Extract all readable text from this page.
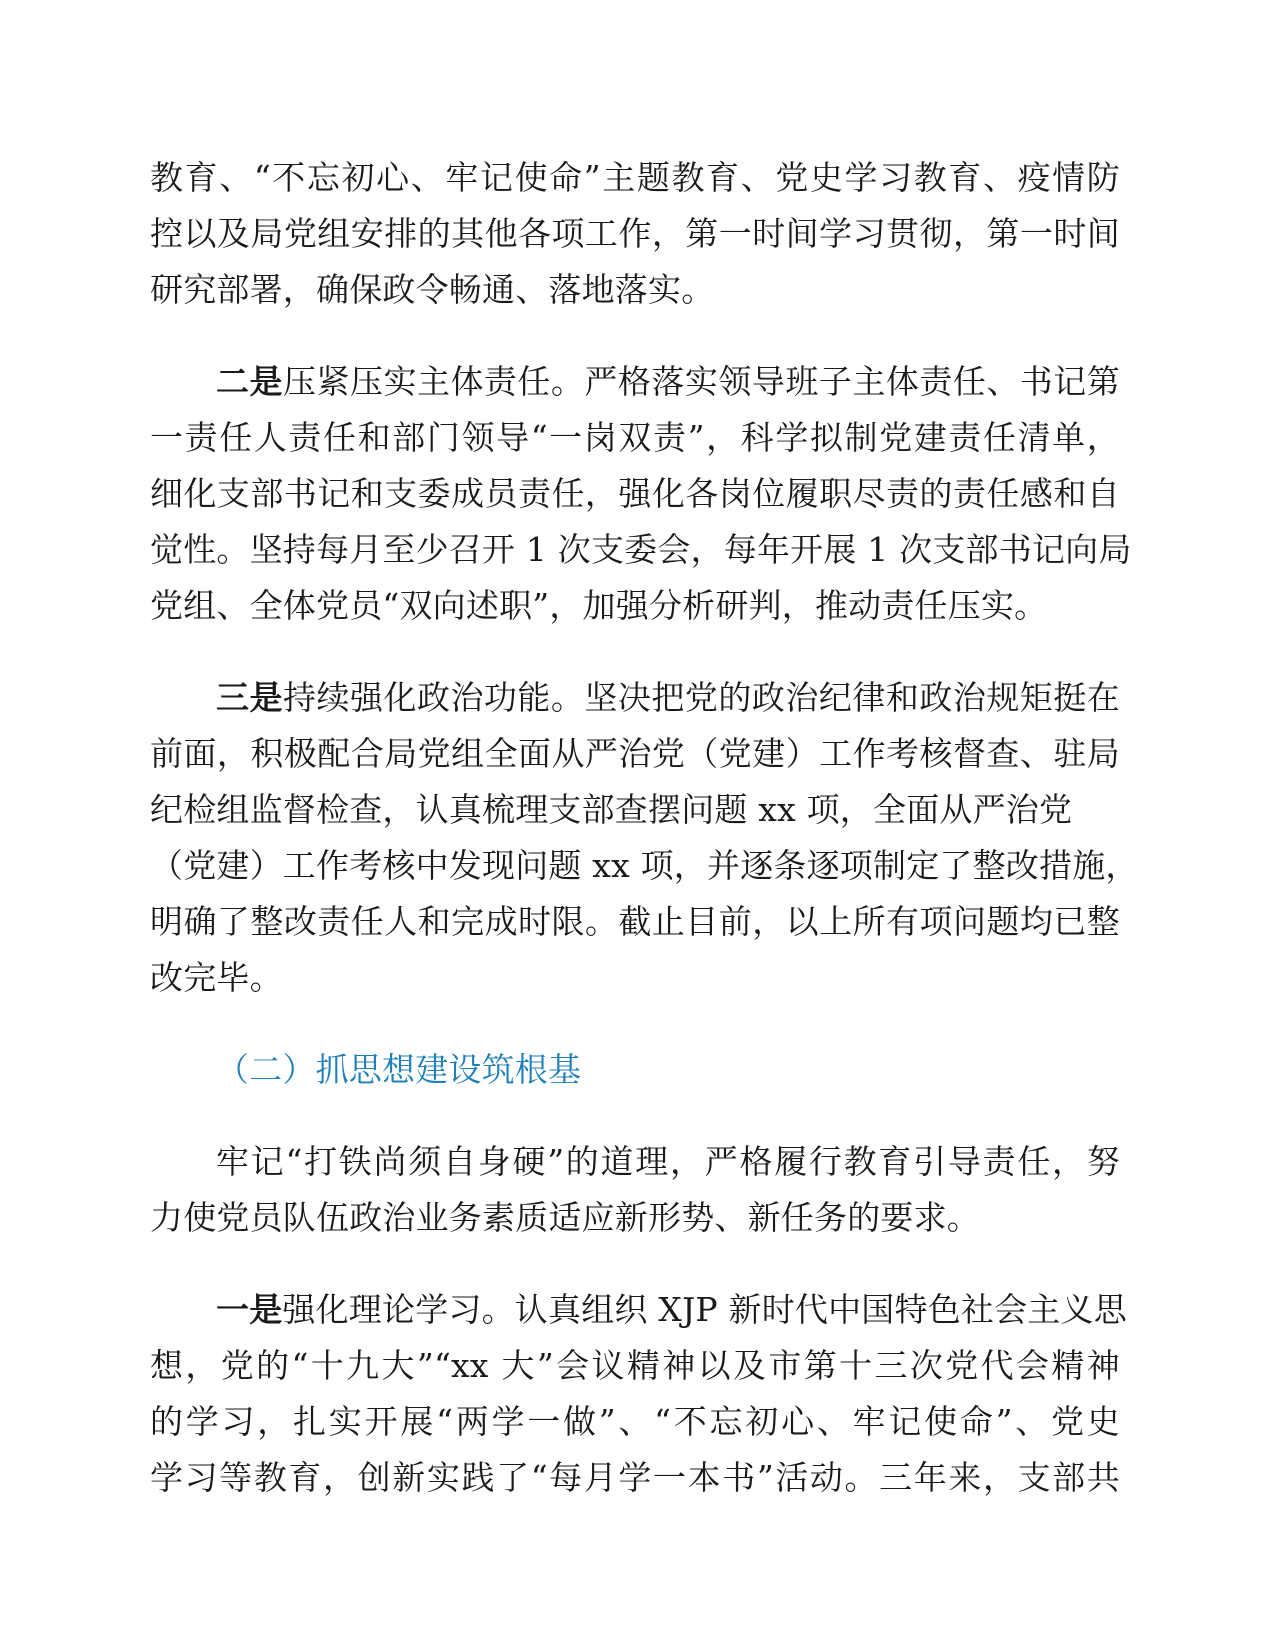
教育、“不忘初心、牢记使命”主题教育、党史学习教育、疫情防
控以及局党组安排的其他各项工作，第一时间学习贯彻，第一时间
研究部署，确保政令畅通、落地落实。
二是压紧压实主体责任。严格落实领导班子主体责任、书记第
一责任人责任和部门领导“一岗双责”，科学拟制党建责任清单，
细化支部书记和支委成员责任，强化各岗位履职尽责的责任感和自
觉性。坚持每月至少召开 1 次支委会，每年开展 1 次支部书记向局
党组、全体党员“双向述职”，加强分析研判，推动责任压实。
三是持续强化政治功能。坚决把党的政治纪律和政治规矩挺在
前面，积极配合局党组全面从严治党（党建）工作考核督查、驻局
纪检组监督检查，认真梳理支部查摆问题 xx 项，全面从严治党
（党建）工作考核中发现问题 xx 项，并逐条逐项制定了整改措施，
明确了整改责任人和完成时限。截止目前，以上所有项问题均已整
改完毕。
（二）抓思想建设筑根基
牢记“打铁尚须自身硬”的道理，严格履行教育引导责任，努
力使党员队伍政治业务素质适应新形势、新任务的要求。
一是强化理论学习。认真组织 XJP 新时代中国特色社会主义思
想，党的“十九大”“xx 大”会议精神以及市第十三次党代会精神
的学习，扎实开展“两学一做”、“不忘初心、牢记使命”、党史
学习等教育，创新实践了“每月学一本书”活动。三年来，支部共
